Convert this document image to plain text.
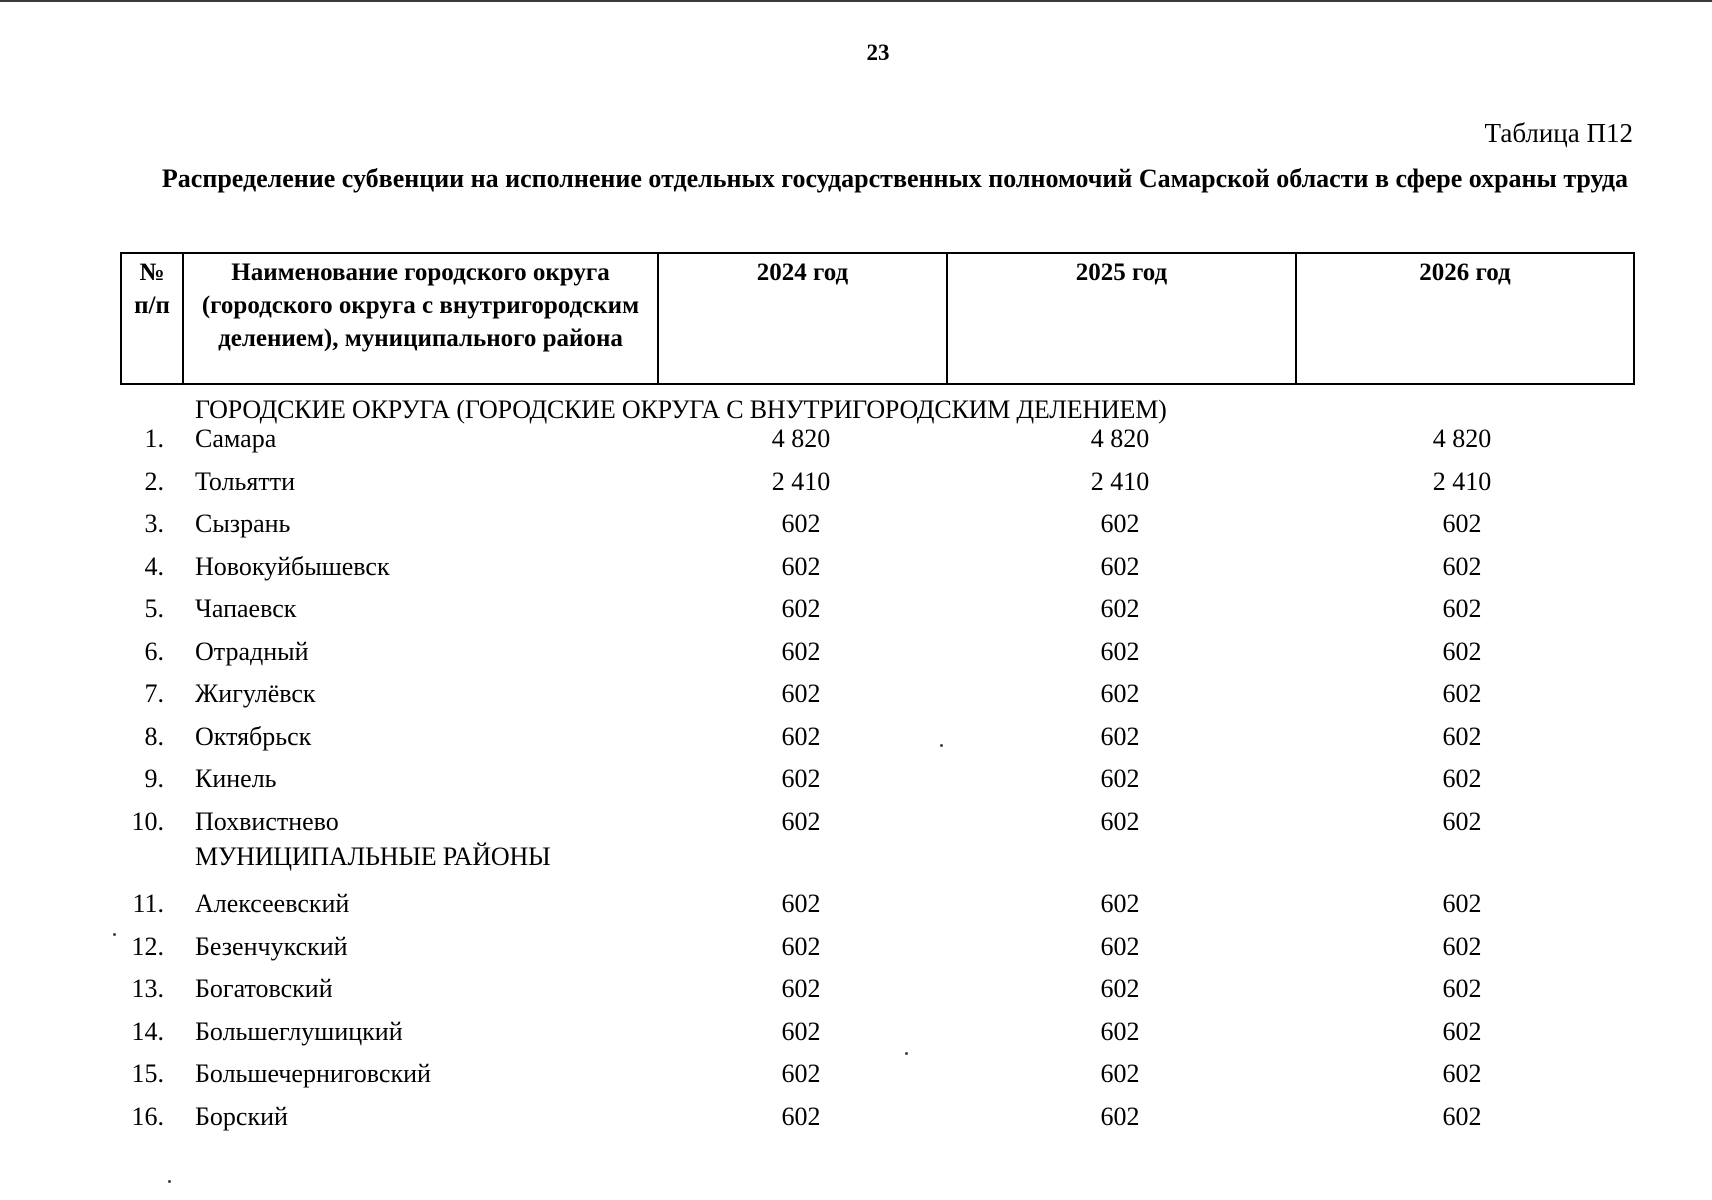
23
Таблица П12
Распределение субвенции на исполнение отдельных государственных полномочий Самарской области в сфере охраны труда
№ п/п	Наименование городского округа (городского округа с внутригородским делением), муниципального района	2024 год	2025 год	2026 год
ГОРОДСКИЕ ОКРУГА (ГОРОДСКИЕ ОКРУГА С ВНУТРИГОРОДСКИМ ДЕЛЕНИЕМ)
1. Самара	4 820	4 820	4 820
2. Тольятти	2 410	2 410	2 410
3. Сызрань	602	602	602
4. Новокуйбышевск	602	602	602
5. Чапаевск	602	602	602
6. Отрадный	602	602	602
7. Жигулёвск	602	602	602
8. Октябрьск	602	602	602
9. Кинель	602	602	602
10. Похвистнево	602	602	602
МУНИЦИПАЛЬНЫЕ РАЙОНЫ
11. Алексеевский	602	602	602
12. Безенчукский	602	602	602
13. Богатовский	602	602	602
14. Большеглушицкий	602	602	602
15. Большечерниговский	602	602	602
16. Борский	602	602	602
